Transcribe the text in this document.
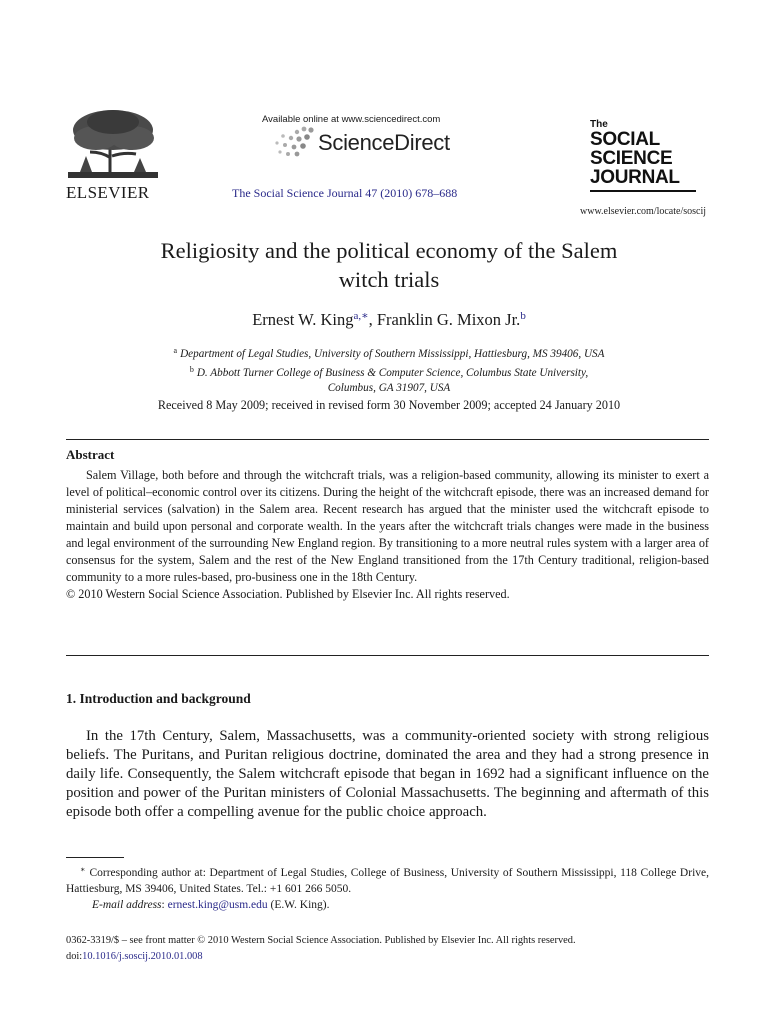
ELSEVIER
Available online at www.sciencedirect.com
ScienceDirect
The Social Science Journal 47 (2010) 678–688
The
SOCIAL
SCIENCE
JOURNAL
www.elsevier.com/locate/soscij
Religiosity and the political economy of the Salem
witch trials
Ernest W. King$^{a,∗}$, Franklin G. Mixon Jr.$^b$
$^a$ Department of Legal Studies, University of Southern Mississippi, Hattiesburg, MS 39406, USA
$^b$ D. Abbott Turner College of Business & Computer Science, Columbus State University,
Columbus, GA 31907, USA
Received 8 May 2009; received in revised form 30 November 2009; accepted 24 January 2010
Abstract
Salem Village, both before and through the witchcraft trials, was a religion-based community, allowing its minister to exert a level of political–economic control over its citizens. During the height of the witchcraft episode, there was an increased demand for ministerial services (salvation) in the Salem area. Recent research has argued that the minister used the witchcraft episode to maintain and build upon personal and corporate wealth. In the years after the witchcraft trials changes were made in the business and legal environment of the surrounding New England region. By transitioning to a more neutral rules system with a larger area of consensus for the system, Salem and the rest of the New England transitioned from the 17th Century traditional, religion-based community to a more rules-based, pro-business one in the 18th Century.
© 2010 Western Social Science Association. Published by Elsevier Inc. All rights reserved.
1. Introduction and background
In the 17th Century, Salem, Massachusetts, was a community-oriented society with strong religious beliefs. The Puritans, and Puritan religious doctrine, dominated the area and they had a strong presence in daily life. Consequently, the Salem witchcraft episode that began in 1692 had a significant influence on the position and power of the Puritan ministers of Colonial Massachusetts. The beginning and aftermath of this episode both offer a compelling avenue for the public choice approach.
∗ Corresponding author at: Department of Legal Studies, College of Business, University of Southern Mississippi, 118 College Drive, Hattiesburg, MS 39406, United States. Tel.: +1 601 266 5050.
E-mail address: ernest.king@usm.edu (E.W. King).
0362-3319/$ – see front matter © 2010 Western Social Science Association. Published by Elsevier Inc. All rights reserved.
doi:10.1016/j.soscij.2010.01.008
